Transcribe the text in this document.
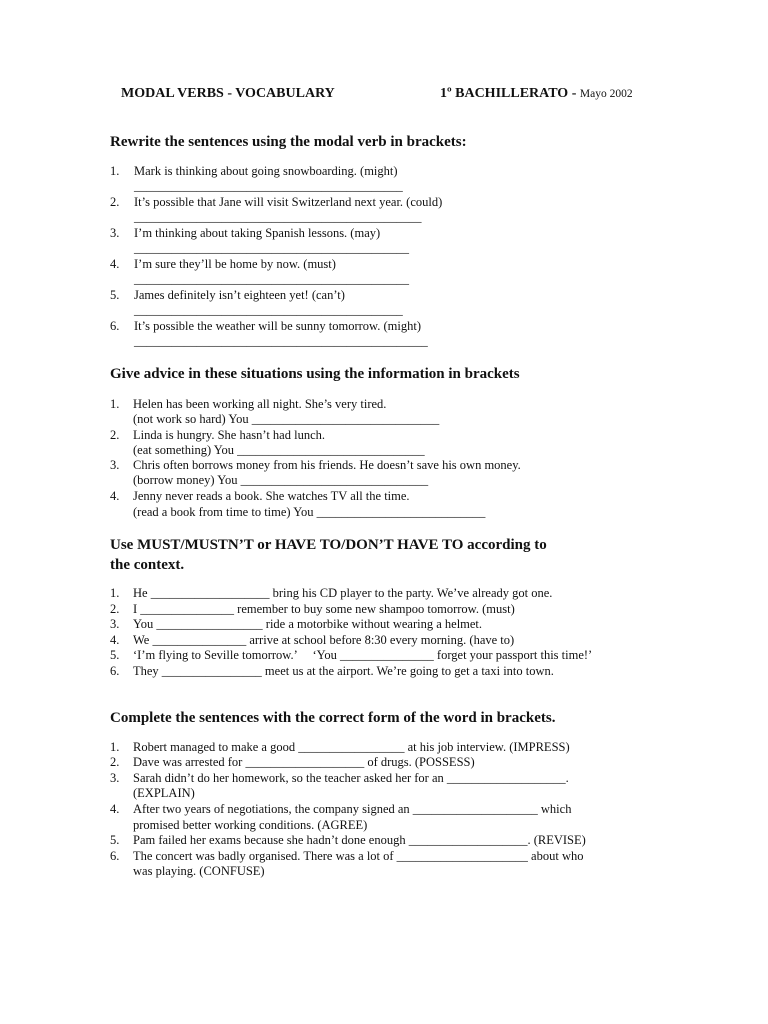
MODAL VERBS - VOCABULARY	1º BACHILLERATO - Mayo 2002
Rewrite the sentences using the modal verb in brackets:
1. Mark is thinking about going snowboarding. (might)
___________________________________________
2. It’s possible that Jane will visit Switzerland next year. (could)
______________________________________________
3. I’m thinking about taking Spanish lessons. (may)
____________________________________________
4. I’m sure they’ll be home by now. (must)
____________________________________________
5. James definitely isn’t eighteen yet! (can’t)
___________________________________________
6. It’s possible the weather will be sunny tomorrow. (might)
_______________________________________________
Give advice in these situations using the information in brackets
1. Helen has been working all night. She’s very tired.
(not work so hard) You ______________________________
2. Linda is hungry. She hasn’t had lunch.
(eat something) You ______________________________
3. Chris often borrows money from his friends. He doesn’t save his own money.
(borrow money) You ______________________________
4. Jenny never reads a book. She watches TV all the time.
(read a book from time to time) You ___________________________
Use MUST/MUSTN’T or HAVE TO/DON’T HAVE TO according to
the context.
1. He ___________________ bring his CD player to the party. We’ve already got one.
2. I _______________ remember to buy some new shampoo tomorrow. (must)
3. You _________________ ride a motorbike without wearing a helmet.
4. We _______________ arrive at school before 8:30 every morning. (have to)
5. ‘I’m flying to Seville tomorrow.’     ‘You _______________ forget your passport this time!’
6. They ________________ meet us at the airport. We’re going to get a taxi into town.
Complete the sentences with the correct form of the word in brackets.
1. Robert managed to make a good _________________ at his job interview. (IMPRESS)
2. Dave was arrested for ___________________ of drugs. (POSSESS)
3. Sarah didn’t do her homework, so the teacher asked her for an ___________________.
(EXPLAIN)
4. After two years of negotiations, the company signed an ____________________ which
promised better working conditions. (AGREE)
5. Pam failed her exams because she hadn’t done enough ___________________. (REVISE)
6. The concert was badly organised. There was a lot of _____________________ about who
was playing. (CONFUSE)
